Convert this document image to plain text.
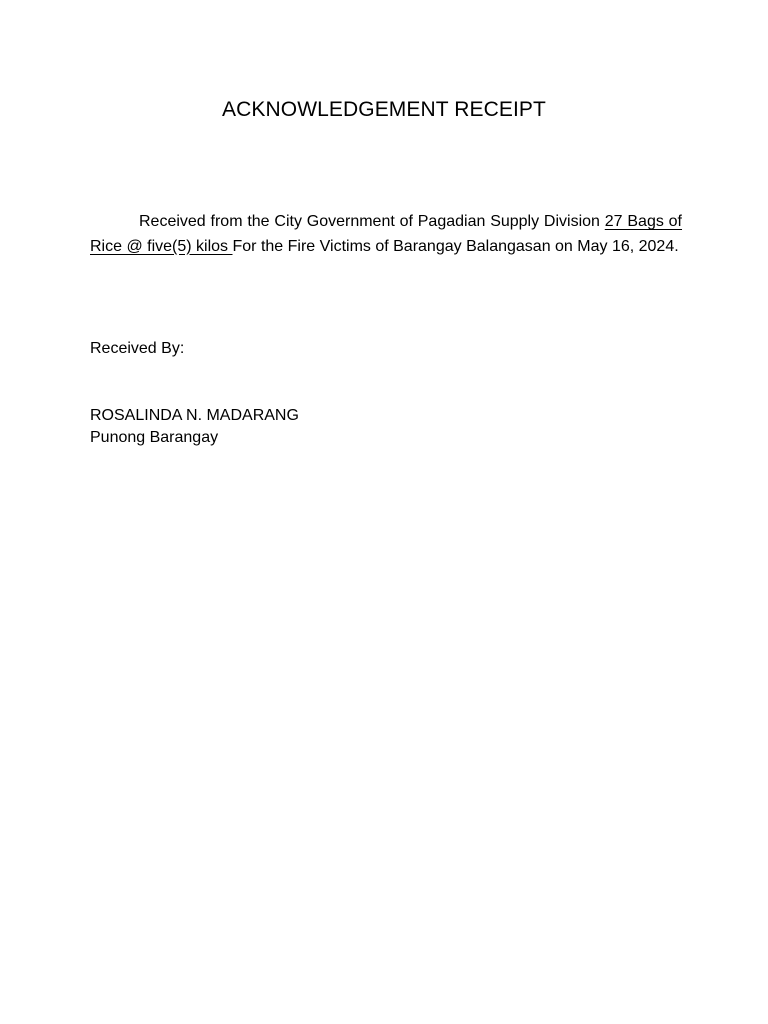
ACKNOWLEDGEMENT RECEIPT

Received from the City Government of Pagadian Supply Division 27 Bags of Rice @ five(5) kilos For the Fire Victims of Barangay Balangasan on May 16, 2024.

Received By:
ROSALINDA N. MADARANG
Punong Barangay
